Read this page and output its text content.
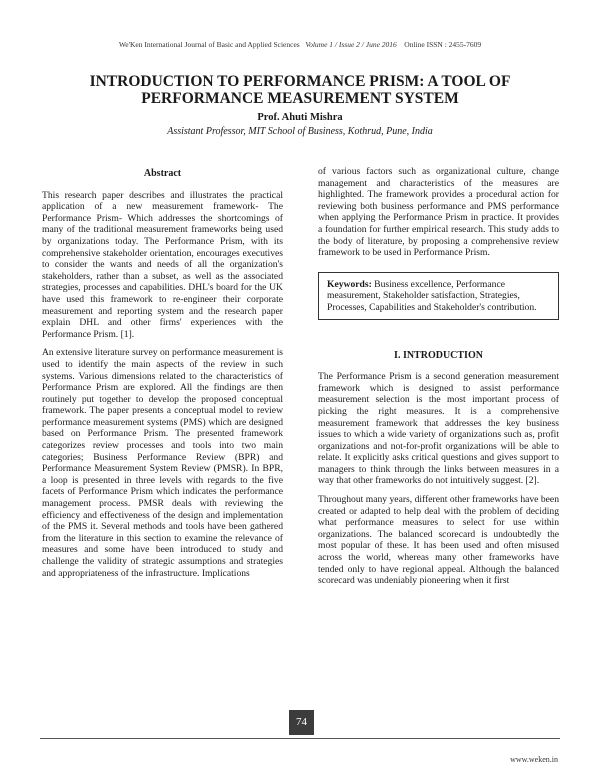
We'Ken International Journal of Basic and Applied Sciences Volume 1 / Issue 2 / June 2016 Online ISSN : 2455-7609
INTRODUCTION TO PERFORMANCE PRISM: A TOOL OF
PERFORMANCE MEASUREMENT SYSTEM
Prof. Ahuti Mishra
Assistant Professor, MIT School of Business, Kothrud, Pune, India
Abstract

This research paper describes and illustrates the practical application of a new measurement framework- The Performance Prism- Which addresses the shortcomings of many of the traditional measurement frameworks being used by organizations today. The Performance Prism, with its comprehensive stakeholder orientation, encourages executives to consider the wants and needs of all the organization's stakeholders, rather than a subset, as well as the associated strategies, processes and capabilities. DHL's board for the UK have used this framework to re-engineer their corporate measurement and reporting system and the research paper explain DHL and other firms' experiences with the Performance Prism. [1].

An extensive literature survey on performance measurement is used to identify the main aspects of the review in such systems. Various dimensions related to the characteristics of Performance Prism are explored. All the findings are then routinely put together to develop the proposed conceptual framework. The paper presents a conceptual model to review performance measurement systems (PMS) which are designed based on Performance Prism. The presented framework categorizes review processes and tools into two main categories; Business Performance Review (BPR) and Performance Measurement System Review (PMSR). In BPR, a loop is presented in three levels with regards to the five facets of Performance Prism which indicates the performance management process. PMSR deals with reviewing the efficiency and effectiveness of the design and implementation of the PMS it. Several methods and tools have been gathered from the literature in this section to examine the relevance of measures and some have been introduced to study and challenge the validity of strategic assumptions and strategies and appropriateness of the infrastructure. Implications

of various factors such as organizational culture, change management and characteristics of the measures are highlighted. The framework provides a procedural action for reviewing both business performance and PMS performance when applying the Performance Prism in practice. It provides a foundation for further empirical research. This study adds to the body of literature, by proposing a comprehensive review framework to be used in Performance Prism.

Keywords: Business excellence, Performance measurement, Stakeholder satisfaction, Strategies, Processes, Capabilities and Stakeholder's contribution.
I. INTRODUCTION

The Performance Prism is a second generation measurement framework which is designed to assist performance measurement selection is the most important process of picking the right measures. It is a comprehensive measurement framework that addresses the key business issues to which a wide variety of organizations such as, profit organizations and not-for-profit organizations will be able to relate. It explicitly asks critical questions and gives support to managers to think through the links between measures in a way that other frameworks do not intuitively suggest. [2].

Throughout many years, different other frameworks have been created or adapted to help deal with the problem of deciding what performance measures to select for use within organizations. The balanced scorecard is undoubtedly the most popular of these. It has been used and often misused across the world, whereas many other frameworks have tended only to have regional appeal. Although the balanced scorecard was undeniably pioneering when it first

74
www.weken.in
